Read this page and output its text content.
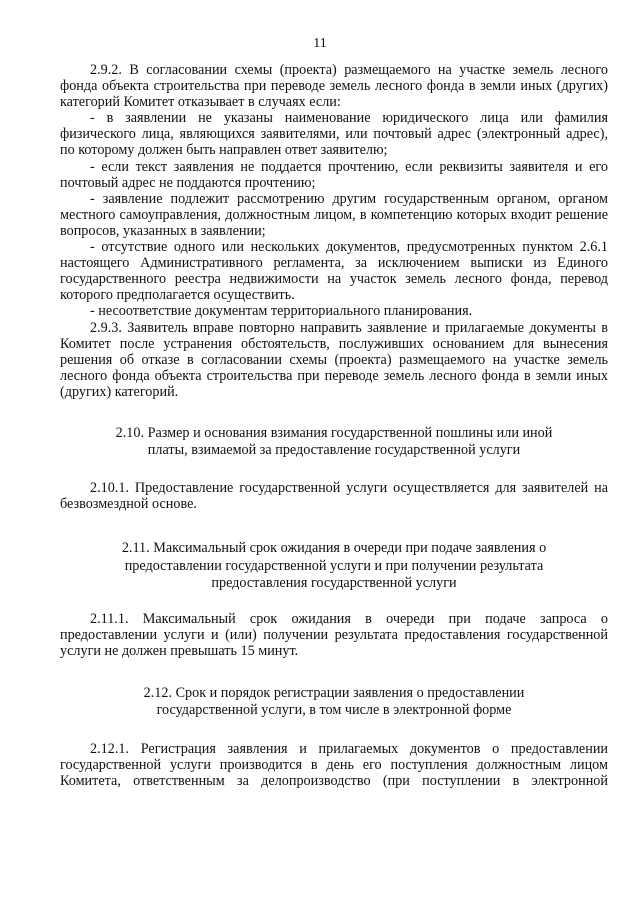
11

2.9.2. В согласовании схемы (проекта) размещаемого на участке земель лесного фонда объекта строительства при переводе земель лесного фонда в земли иных (других) категорий Комитет отказывает в случаях если:

- в заявлении не указаны наименование юридического лица или фамилия физического лица, являющихся заявителями, или почтовый адрес (электронный адрес), по которому должен быть направлен ответ заявителю;

- если текст заявления не поддается прочтению, если реквизиты заявителя и его почтовый адрес не поддаются прочтению;

- заявление подлежит рассмотрению другим государственным органом, органом местного самоуправления, должностным лицом, в компетенцию которых входит решение вопросов, указанных в заявлении;

- отсутствие одного или нескольких документов, предусмотренных пунктом 2.6.1 настоящего Административного регламента, за исключением выписки из Единого государственного реестра недвижимости на участок земель лесного фонда, перевод которого предполагается осуществить.

- несоответствие документам территориального планирования.

2.9.3. Заявитель вправе повторно направить заявление и прилагаемые документы в Комитет после устранения обстоятельств, послуживших основанием для вынесения решения об отказе в согласовании схемы (проекта) размещаемого на участке земель лесного фонда объекта строительства при переводе земель лесного фонда в земли иных (других) категорий.

2.10. Размер и основания взимания государственной пошлины или иной платы, взимаемой за предоставление государственной услуги

2.10.1. Предоставление государственной услуги осуществляется для заявителей на безвозмездной основе.

2.11. Максимальный срок ожидания в очереди при подаче заявления о предоставлении государственной услуги и при получении результата предоставления государственной услуги

2.11.1. Максимальный срок ожидания в очереди при подаче запроса о предоставлении услуги и (или) получении результата предоставления государственной услуги не должен превышать 15 минут.

2.12. Срок и порядок регистрации заявления о предоставлении государственной услуги, в том числе в электронной форме

2.12.1. Регистрация заявления и прилагаемых документов о предоставлении государственной услуги производится в день его поступления должностным лицом Комитета, ответственным за делопроизводство (при поступлении в электронной
